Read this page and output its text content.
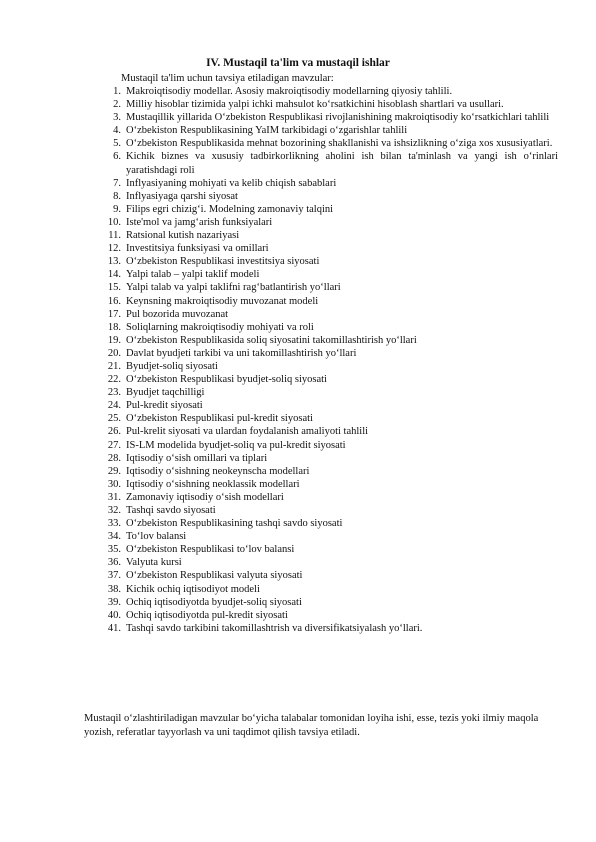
IV. Mustaqil ta'lim va mustaqil ishlar
Mustaqil ta'lim uchun tavsiya etiladigan mavzular:
1. Makroiqtisodiy modellar. Asosiy makroiqtisodiy modellarning qiyosiy tahlili.
2. Milliy hisoblar tizimida yalpi ichki mahsulot koʻrsatkichini hisoblash shartlari va usullari.
3. Mustaqillik yillarida Oʻzbekiston Respublikasi rivojlanishining makroiqtisodiy koʻrsatkichlari tahlili
4. Oʻzbekiston Respublikasining YaIM tarkibidagi oʻzgarishlar tahlili
5. Oʻzbekiston Respublikasida mehnat bozorining shakllanishi va ishsizlikning oʻziga xos xususiyatlari.
6. Kichik biznes va xususiy tadbirkorlikning aholini ish bilan ta'minlash va yangi ish oʻrinlari yaratishdagi roli
7. Inflyasiyaning mohiyati va kelib chiqish sabablari
8. Inflyasiyaga qarshi siyosat
9. Filips egri chizigʻi. Modelning zamonaviy talqini
10. Iste'mol va jamgʻarish funksiyalari
11. Ratsional kutish nazariyasi
12. Investitsiya funksiyasi va omillari
13. Oʻzbekiston Respublikasi investitsiya siyosati
14. Yalpi talab – yalpi taklif modeli
15. Yalpi talab va yalpi taklifni ragʻbatlantirish yoʻllari
16. Keynsning makroiqtisodiy muvozanat modeli
17. Pul bozorida muvozanat
18. Soliqlarning makroiqtisodiy mohiyati va roli
19. Oʻzbekiston Respublikasida soliq siyosatini takomillashtirish yoʻllari
20. Davlat byudjeti tarkibi va uni takomillashtirish yoʻllari
21. Byudjet-soliq siyosati
22. Oʻzbekiston Respublikasi byudjet-soliq siyosati
23. Byudjet taqchilligi
24. Pul-kredit siyosati
25. Oʻzbekiston Respublikasi pul-kredit siyosati
26. Pul-krelit siyosati va ulardan foydalanish amaliyoti tahlili
27. IS-LM modelida byudjet-soliq va pul-kredit siyosati
28. Iqtisodiy oʻsish omillari va tiplari
29. Iqtisodiy oʻsishning neokeynscha modellari
30. Iqtisodiy oʻsishning neoklassik modellari
31. Zamonaviy iqtisodiy oʻsish modellari
32. Tashqi savdo siyosati
33. Oʻzbekiston Respublikasining tashqi savdo siyosati
34. Toʻlov balansi
35. Oʻzbekiston Respublikasi toʻlov balansi
36. Valyuta kursi
37. Oʻzbekiston Respublikasi valyuta siyosati
38. Kichik ochiq iqtisodiyot modeli
39. Ochiq iqtisodiyotda byudjet-soliq siyosati
40. Ochiq iqtisodiyotda pul-kredit siyosati
41. Tashqi savdo tarkibini takomillashtrish va diversifikatsiyalash yoʻllari.
Mustaqil oʻzlashtiriladigan mavzular boʻyicha talabalar tomonidan loyiha ishi, esse, tezis yoki ilmiy maqola yozish, referatlar tayyorlash va uni taqdimot qilish tavsiya etiladi.
